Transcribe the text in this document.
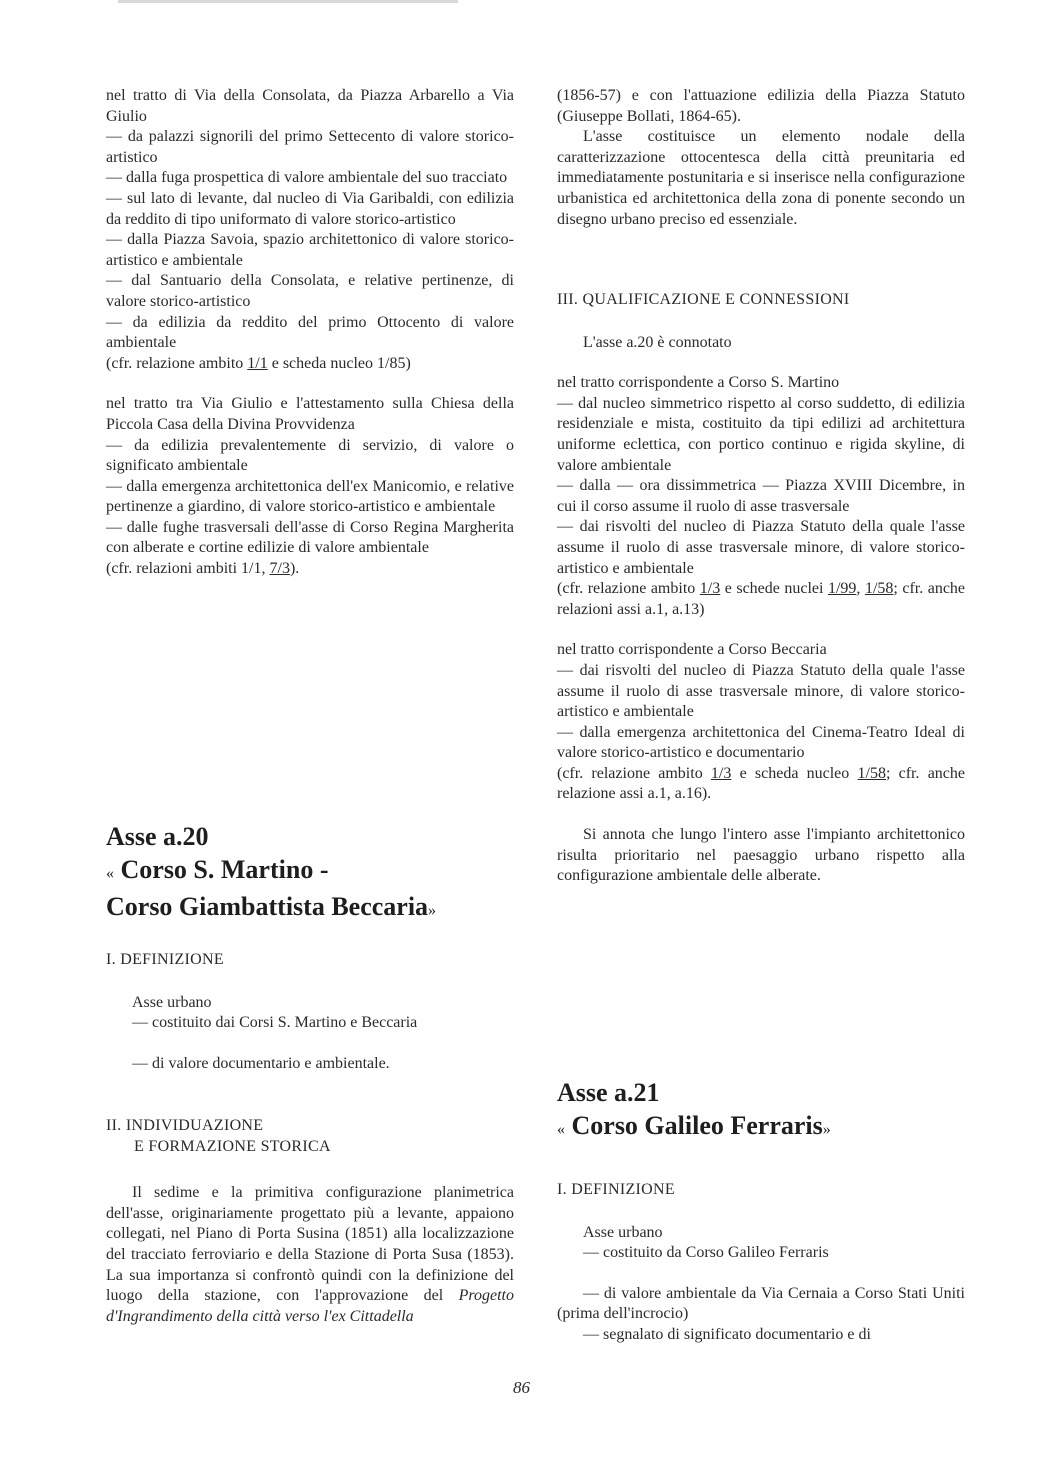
nel tratto di Via della Consolata, da Piazza Arbarello a Via Giulio

— da palazzi signorili del primo Settecento di valore storico-artistico

— dalla fuga prospettica di valore ambientale del suo tracciato

— sul lato di levante, dal nucleo di Via Garibaldi, con edilizia da reddito di tipo uniformato di valore storico-artistico

— dalla Piazza Savoia, spazio architettonico di valore storico-artistico e ambientale

— dal Santuario della Consolata, e relative pertinenze, di valore storico-artistico

— da edilizia da reddito del primo Ottocento di valore ambientale

(cfr. relazione ambito 1/1 e scheda nucleo 1/85)

nel tratto tra Via Giulio e l'attestamento sulla Chiesa della Piccola Casa della Divina Provvidenza

— da edilizia prevalentemente di servizio, di valore o significato ambientale

— dalla emergenza architettonica dell'ex Manicomio, e relative pertinenze a giardino, di valore storico-artistico e ambientale

— dalle fughe trasversali dell'asse di Corso Regina Margherita con alberate e cortine edilizie di valore ambientale

(cfr. relazioni ambiti 1/1, 7/3).

Asse a.20
« Corso S. Martino -
Corso Giambattista Beccaria»

I. DEFINIZIONE

Asse urbano

— costituito dai Corsi S. Martino e Beccaria

— di valore documentario e ambientale.

II. INDIVIDUAZIONE

E FORMAZIONE STORICA

Il sedime e la primitiva configurazione planimetrica dell'asse, originariamente progettato più a levante, appaiono collegati, nel Piano di Porta Susina (1851) alla localizzazione del tracciato ferroviario e della Stazione di Porta Susa (1853). La sua importanza si confrontò quindi con la definizione del luogo della stazione, con l'approvazione del Progetto d'Ingrandimento della città verso l'ex Cittadella

(1856-57) e con l'attuazione edilizia della Piazza Statuto (Giuseppe Bollati, 1864-65).

L'asse costituisce un elemento nodale della caratterizzazione ottocentesca della città preunitaria ed immediatamente postunitaria e si inserisce nella configurazione urbanistica ed architettonica della zona di ponente secondo un disegno urbano preciso ed essenziale.

III. QUALIFICAZIONE E CONNESSIONI

L'asse a.20 è connotato

nel tratto corrispondente a Corso S. Martino

— dal nucleo simmetrico rispetto al corso suddetto, di edilizia residenziale e mista, costituito da tipi edilizi ad architettura uniforme eclettica, con portico continuo e rigida skyline, di valore ambientale

— dalla — ora dissimmetrica — Piazza XVIII Dicembre, in cui il corso assume il ruolo di asse trasversale

— dai risvolti del nucleo di Piazza Statuto della quale l'asse assume il ruolo di asse trasversale minore, di valore storico-artistico e ambientale

(cfr. relazione ambito 1/3 e schede nuclei 1/99, 1/58; cfr. anche relazioni assi a.1, a.13)

nel tratto corrispondente a Corso Beccaria

— dai risvolti del nucleo di Piazza Statuto della quale l'asse assume il ruolo di asse trasversale minore, di valore storico-artistico e ambientale

— dalla emergenza architettonica del Cinema-Teatro Ideal di valore storico-artistico e documentario

(cfr. relazione ambito 1/3 e scheda nucleo 1/58; cfr. anche relazione assi a.1, a.16).

Si annota che lungo l'intero asse l'impianto architettonico risulta prioritario nel paesaggio urbano rispetto alla configurazione ambientale delle alberate.

Asse a.21
« Corso Galileo Ferraris»

I. DEFINIZIONE

Asse urbano

— costituito da Corso Galileo Ferraris

— di valore ambientale da Via Cernaia a Corso Stati Uniti (prima dell'incrocio)

— segnalato di significato documentario e di

86
